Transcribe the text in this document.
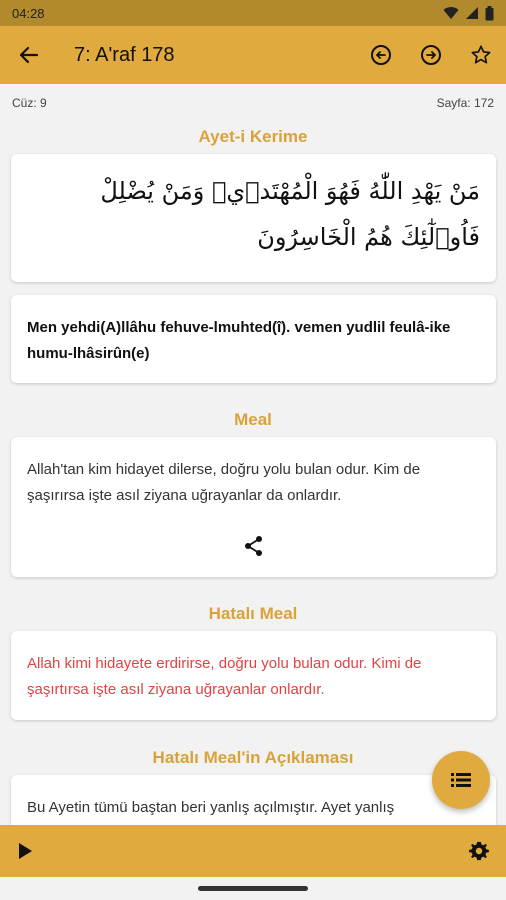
04:28
7: A'raf 178
Cüz: 9	Sayfa: 172
Ayet-i Kerime
مَنْ يَهْدِ اللّٰهُ فَهُوَ الْمُهْتَد۪يۚ وَمَنْ يُضْلِلْ فَاُو۬لٰٓئِكَ هُمُ الْخَاسِرُونَ
Men yehdi(A)llâhu fehuve-lmuhted(î). vemen yudlil feulâ-ike humu-lhâsirûn(e)
Meal
Allah'tan kim hidayet dilerse, doğru yolu bulan odur. Kim de şaşırırsa işte asıl ziyana uğrayanlar da onlardır.
Hatalı Meal
Allah kimi hidayete erdirirse, doğru yolu bulan odur. Kimi de şaşırtırsa işte asıl ziyana uğrayanlar onlardır.
Hatalı Meal'in Açıklaması
Bu Ayetin tümü baştan beri yanlış açılmıştır. Ayet yanlış
